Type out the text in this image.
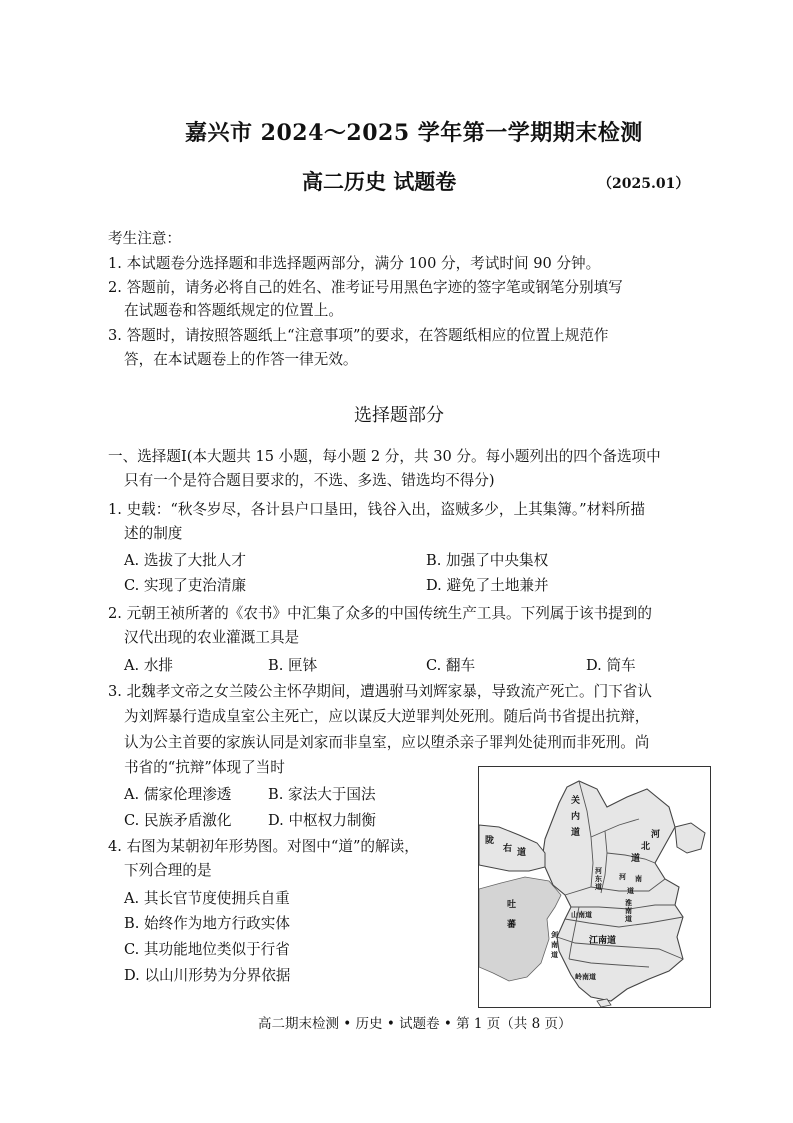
嘉兴市 2024～2025 学年第一学期期末检测
高二历史 试题卷	（2025.01）
考生注意：
1. 本试题卷分选择题和非选择题两部分，满分 100 分，考试时间 90 分钟。
2. 答题前，请务必将自己的姓名、准考证号用黑色字迹的签字笔或钢笔分别填写
在试题卷和答题纸规定的位置上。
3. 答题时，请按照答题纸上“注意事项”的要求，在答题纸相应的位置上规范作
答，在本试题卷上的作答一律无效。
选择题部分
一、选择题Ⅰ(本大题共 15 小题，每小题 2 分，共 30 分。每小题列出的四个备选项中
只有一个是符合题目要求的，不选、多选、错选均不得分)
1. 史载：“秋冬岁尽，各计县户口垦田，钱谷入出，盗贼多少，上其集簿。”材料所描
述的制度
A. 选拔了大批人才	B. 加强了中央集权
C. 实现了吏治清廉	D. 避免了土地兼并
2. 元朝王祯所著的《农书》中汇集了众多的中国传统生产工具。下列属于该书提到的
汉代出现的农业灌溉工具是
A. 水排	B. 匣钵	C. 翻车	D. 筒车
3. 北魏孝文帝之女兰陵公主怀孕期间，遭遇驸马刘辉家暴，导致流产死亡。门下省认
为刘辉暴行造成皇室公主死亡，应以谋反大逆罪判处死刑。随后尚书省提出抗辩，
认为公主首要的家族认同是刘家而非皇室，应以堕杀亲子罪判处徒刑而非死刑。尚
书省的“抗辩”体现了当时
A. 儒家伦理渗透	B. 家法大于国法
C. 民族矛盾激化	D. 中枢权力制衡
4. 右图为某朝初年形势图。对图中“道”的解读，
下列合理的是
A. 其长官节度使拥兵自重
B. 始终作为地方行政实体
C. 其功能地位类似于行省
D. 以山川形势为分界依据
关
内
道	河
北
道
陇
右 道
河
东
道
河 南
道
吐
蕃
山南道
淮
南
道
剑
南
道
江南道
岭南道
高二期末检测 • 历史 • 试题卷 • 第 1 页（共 8 页）
